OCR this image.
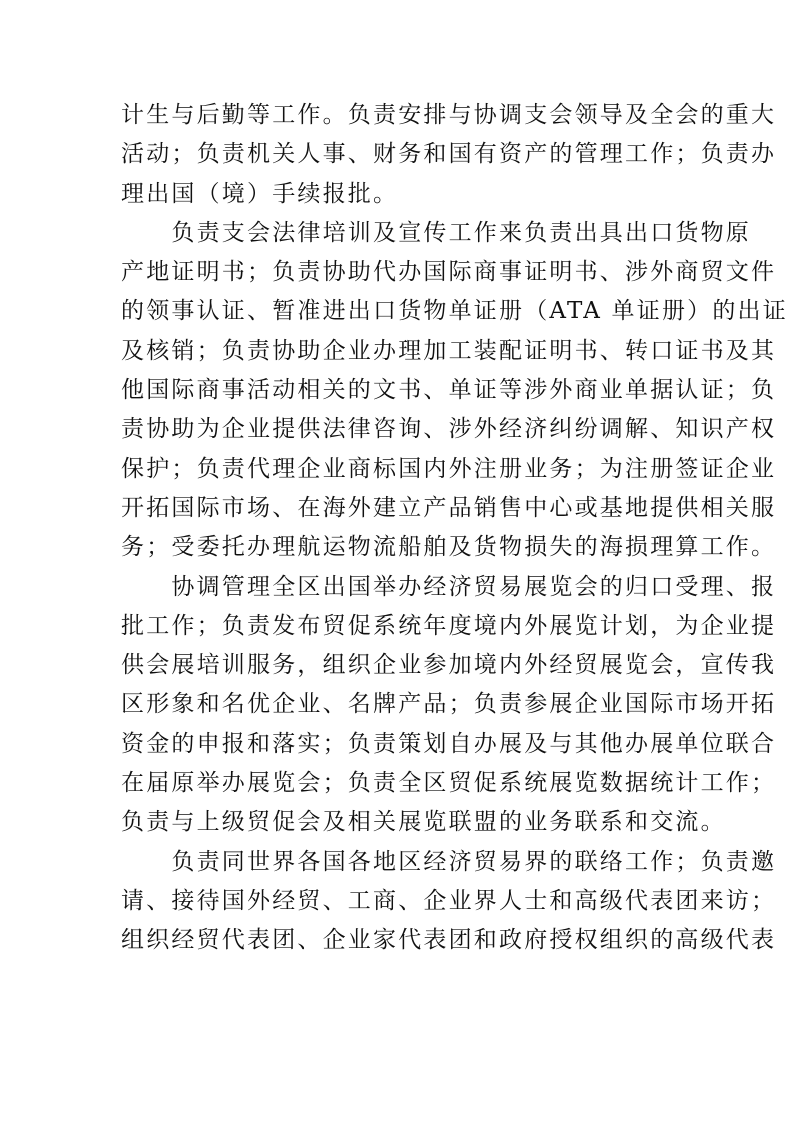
计生与后勤等工作。负责安排与协调支会领导及全会的重大
活动；负责机关人事、财务和国有资产的管理工作；负责办
理出国（境）手续报批。
　　负责支会法律培训及宣传工作来负责出具出口货物原
产地证明书；负责协助代办国际商事证明书、涉外商贸文件
的领事认证、暂准进出口货物单证册（ATA 单证册）的出证
及核销；负责协助企业办理加工装配证明书、转口证书及其
他国际商事活动相关的文书、单证等涉外商业单据认证；负
责协助为企业提供法律咨询、涉外经济纠纷调解、知识产权
保护；负责代理企业商标国内外注册业务；为注册签证企业
开拓国际市场、在海外建立产品销售中心或基地提供相关服
务；受委托办理航运物流船舶及货物损失的海损理算工作。
　　协调管理全区出国举办经济贸易展览会的归口受理、报
批工作；负责发布贸促系统年度境内外展览计划，为企业提
供会展培训服务，组织企业参加境内外经贸展览会，宣传我
区形象和名优企业、名牌产品；负责参展企业国际市场开拓
资金的申报和落实；负责策划自办展及与其他办展单位联合
在届原举办展览会；负责全区贸促系统展览数据统计工作；
负责与上级贸促会及相关展览联盟的业务联系和交流。
　　负责同世界各国各地区经济贸易界的联络工作；负责邀
请、接待国外经贸、工商、企业界人士和高级代表团来访；
组织经贸代表团、企业家代表团和政府授权组织的高级代表
